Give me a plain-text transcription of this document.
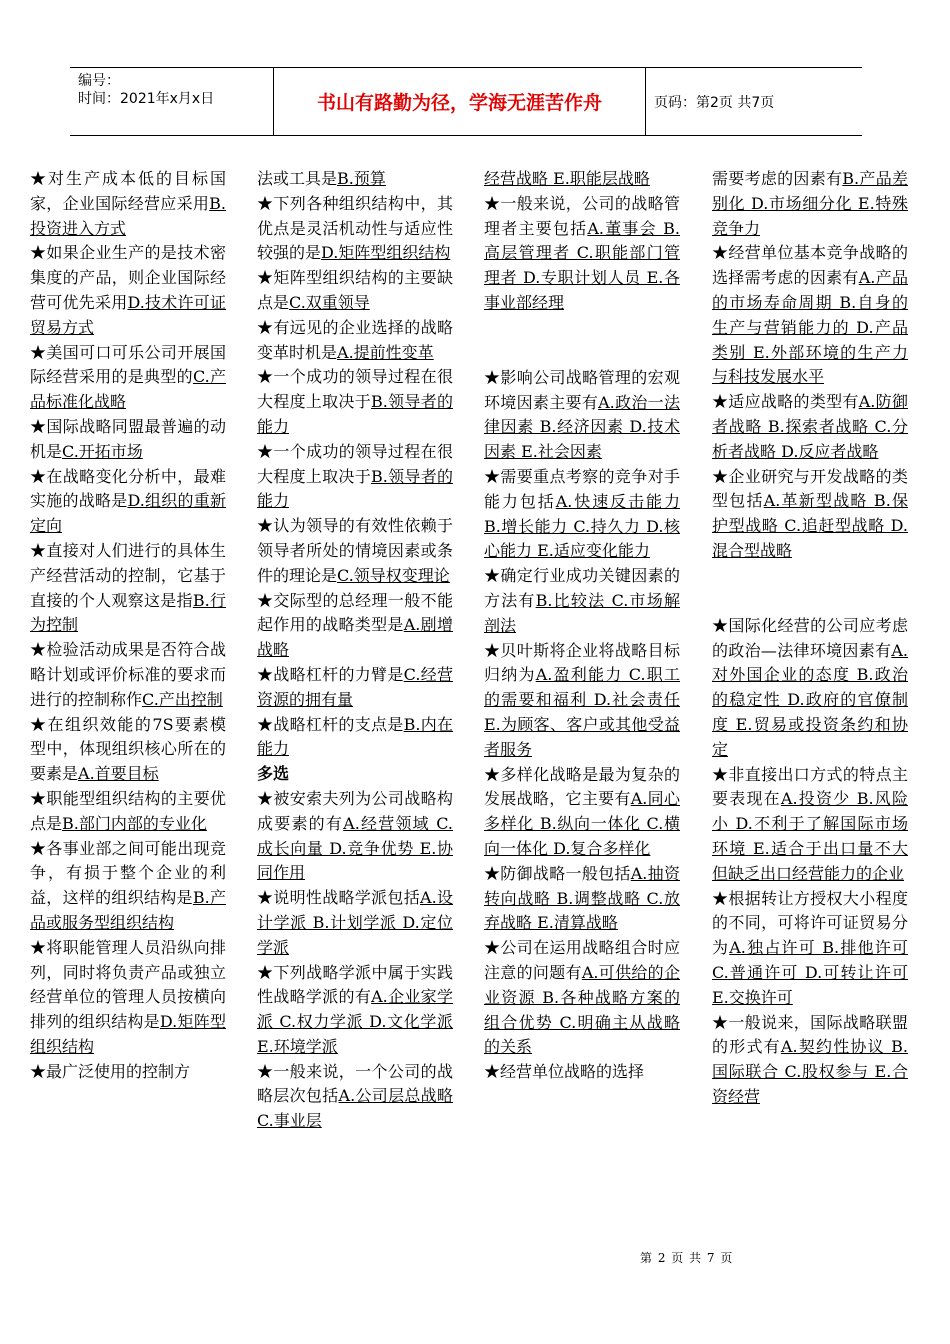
编号：
时间：2021年x月x日	书山有路勤为径，学海无涯苦作舟	页码：第2页 共7页

★对生产成本低的目标国家，企业国际经营应采用B.投资进入方式

★如果企业生产的是技术密集度的产品，则企业国际经营可优先采用D.技术许可证贸易方式

★美国可口可乐公司开展国际经营采用的是典型的C.产品标准化战略

★国际战略同盟最普遍的动机是C.开拓市场

★在战略变化分析中，最难实施的战略是D.组织的重新定向

★直接对人们进行的具体生产经营活动的控制，它基于直接的个人观察这是指B.行为控制

★检验活动成果是否符合战略计划或评价标准的要求而进行的控制称作C.产出控制

★在组织效能的7S要素模型中，体现组织核心所在的要素是A.首要目标

★职能型组织结构的主要优点是B.部门内部的专业化

★各事业部之间可能出现竞争，有损于整个企业的利益，这样的组织结构是B.产品或服务型组织结构

★将职能管理人员沿纵向排列，同时将负责产品或独立经营单位的管理人员按横向排列的组织结构是D.矩阵型组织结构

★最广泛使用的控制方

法或工具是B.预算

★下列各种组织结构中，其优点是灵活机动性与适应性较强的是D.矩阵型组织结构

★矩阵型组织结构的主要缺点是C.双重领导

★有远见的企业选择的战略变革时机是A.提前性变革

★一个成功的领导过程在很大程度上取决于B.领导者的能力

★一个成功的领导过程在很大程度上取决于B.领导者的能力

★认为领导的有效性依赖于领导者所处的情境因素或条件的理论是C.领导权变理论

★交际型的总经理一般不能起作用的战略类型是A.剧增战略

★战略杠杆的力臂是C.经营资源的拥有量

★战略杠杆的支点是B.内在能力

多选

★被安索夫列为公司战略构成要素的有A.经营领域 C.成长向量 D.竞争优势 E.协同作用

★说明性战略学派包括A.设计学派 B.计划学派 D.定位学派

★下列战略学派中属于实践性战略学派的有A.企业家学派 C.权力学派 D.文化学派 E.环境学派

★一般来说，一个公司的战略层次包括A.公司层总战略 C.事业层

经营战略 E.职能层战略

★一般来说，公司的战略管理者主要包括A.董事会 B.高层管理者 C.职能部门管理者 D.专职计划人员 E.各事业部经理

★影响公司战略管理的宏观环境因素主要有A.政治一法律因素 B.经济因素 D.技术因素 E.社会因素

★需要重点考察的竞争对手能力包括A.快速反击能力 B.增长能力 C.持久力 D.核心能力 E.适应变化能力

★确定行业成功关键因素的方法有B.比较法 C.市场解剖法

★贝叶斯将企业将战略目标归纳为A.盈利能力 C.职工的需要和福利 D.社会责任 E.为顾客、客户或其他受益者服务

★多样化战略是最为复杂的发展战略，它主要有A.同心多样化 B.纵向一体化 C.横向一体化 D.复合多样化

★防御战略一般包括A.抽资转向战略 B.调整战略 C.放弃战略 E.清算战略

★公司在运用战略组合时应注意的问题有A.可供给的企业资源 B.各种战略方案的组合优势 C.明确主从战略的关系

★经营单位战略的选择

需要考虑的因素有B.产品差别化 D.市场细分化 E.特殊竞争力

★经营单位基本竞争战略的选择需考虑的因素有A.产品的市场寿命周期 B.自身的生产与营销能力的 D.产品类别 E.外部环境的生产力与科技发展水平

★适应战略的类型有A.防御者战略 B.探索者战略 C.分析者战略 D.反应者战略

★企业研究与开发战略的类型包括A.革新型战略 B.保护型战略 C.追赶型战略 D.混合型战略

★国际化经营的公司应考虑的政治—法律环境因素有A.对外国企业的态度 B.政治的稳定性 D.政府的官僚制度 E.贸易或投资条约和协定

★非直接出口方式的特点主要表现在A.投资少 B.风险小 D.不利于了解国际市场环境 E.适合于出口量不大但缺乏出口经营能力的企业

★根据转让方授权大小程度的不同，可将许可证贸易分为A.独占许可 B.排他许可 C.普通许可 D.可转让许可 E.交换许可

★一般说来，国际战略联盟的形式有A.契约性协议 B.国际联合 C.股权参与 E.合资经营

第 2 页 共 7 页
